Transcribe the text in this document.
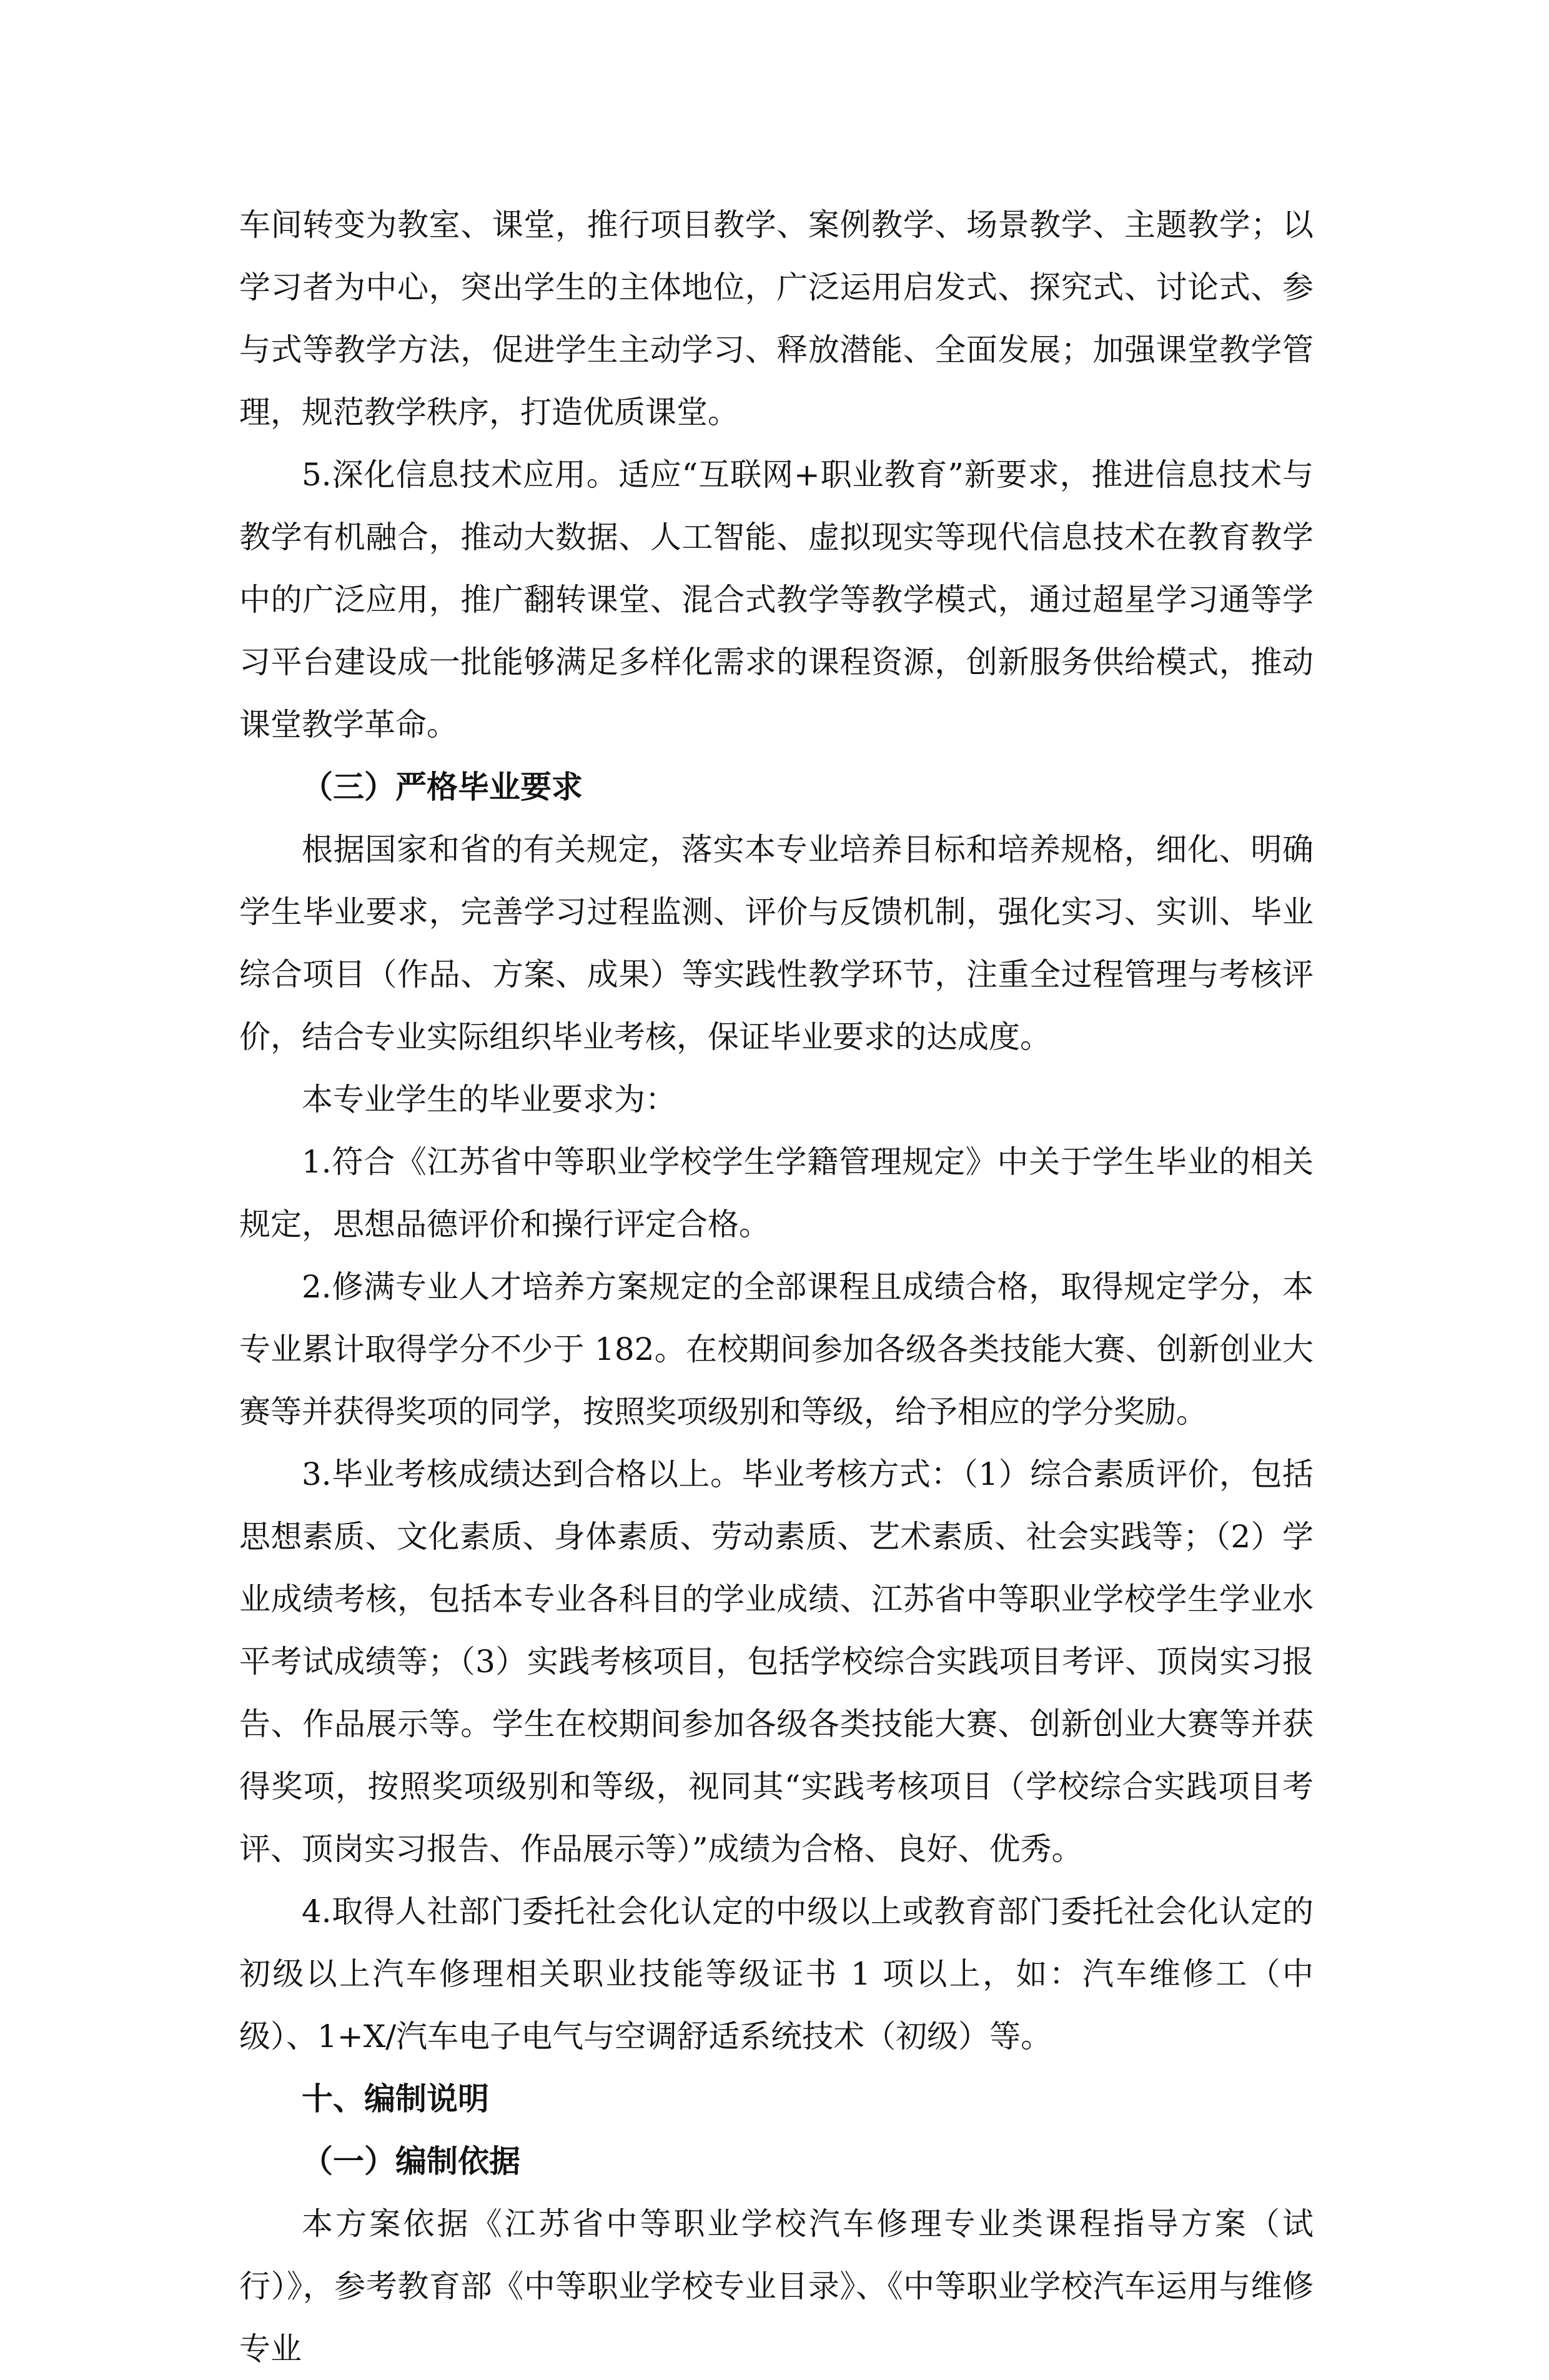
车间转变为教室、课堂，推行项目教学、案例教学、场景教学、主题教学；以学习者为中心，突出学生的主体地位，广泛运用启发式、探究式、讨论式、参与式等教学方法，促进学生主动学习、释放潜能、全面发展；加强课堂教学管理，规范教学秩序，打造优质课堂。

5.深化信息技术应用。适应“互联网+职业教育”新要求，推进信息技术与教学有机融合，推动大数据、人工智能、虚拟现实等现代信息技术在教育教学中的广泛应用，推广翻转课堂、混合式教学等教学模式，通过超星学习通等学习平台建设成一批能够满足多样化需求的课程资源，创新服务供给模式，推动课堂教学革命。

（三）严格毕业要求

根据国家和省的有关规定，落实本专业培养目标和培养规格，细化、明确学生毕业要求，完善学习过程监测、评价与反馈机制，强化实习、实训、毕业综合项目（作品、方案、成果）等实践性教学环节，注重全过程管理与考核评价，结合专业实际组织毕业考核，保证毕业要求的达成度。

本专业学生的毕业要求为：

1.符合《江苏省中等职业学校学生学籍管理规定》中关于学生毕业的相关规定，思想品德评价和操行评定合格。

2.修满专业人才培养方案规定的全部课程且成绩合格，取得规定学分，本专业累计取得学分不少于 182。在校期间参加各级各类技能大赛、创新创业大赛等并获得奖项的同学，按照奖项级别和等级，给予相应的学分奖励。

3.毕业考核成绩达到合格以上。毕业考核方式：（1）综合素质评价，包括思想素质、文化素质、身体素质、劳动素质、艺术素质、社会实践等；（2）学业成绩考核，包括本专业各科目的学业成绩、江苏省中等职业学校学生学业水平考试成绩等；（3）实践考核项目，包括学校综合实践项目考评、顶岗实习报告、作品展示等。学生在校期间参加各级各类技能大赛、创新创业大赛等并获得奖项，按照奖项级别和等级，视同其“实践考核项目（学校综合实践项目考评、顶岗实习报告、作品展示等）”成绩为合格、良好、优秀。

4.取得人社部门委托社会化认定的中级以上或教育部门委托社会化认定的初级以上汽车修理相关职业技能等级证书 1 项以上，如：汽车维修工（中级）、1+X/汽车电子电气与空调舒适系统技术（初级）等。

十、编制说明

（一）编制依据

本方案依据《江苏省中等职业学校汽车修理专业类课程指导方案（试行）》，参考教育部《中等职业学校专业目录》、《中等职业学校汽车运用与维修专业
